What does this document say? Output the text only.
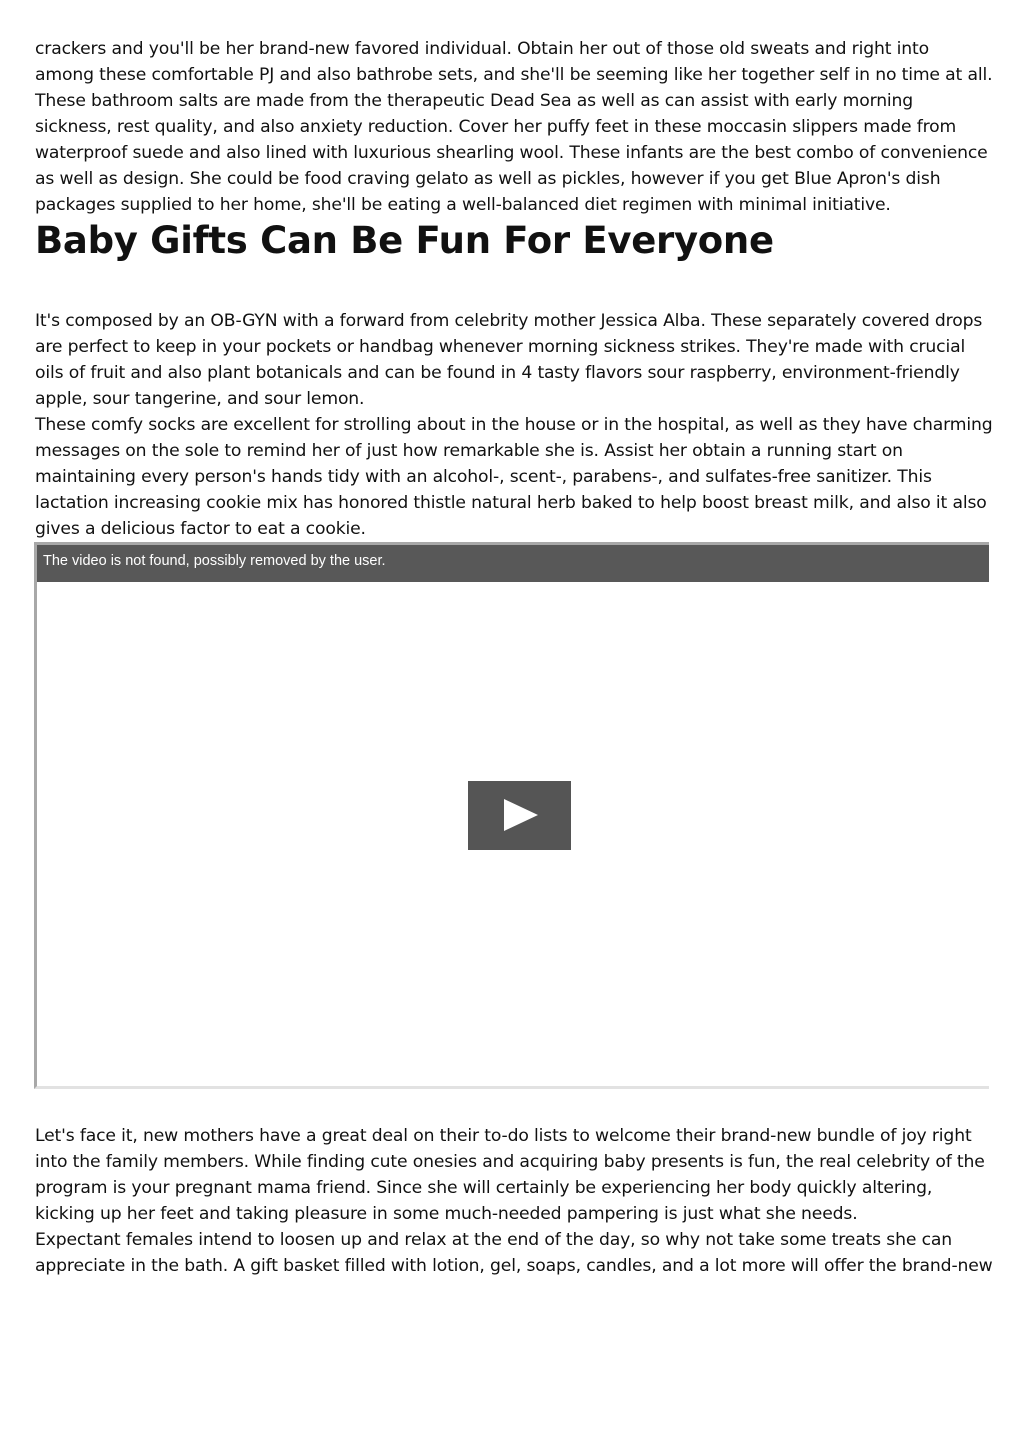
crackers and you'll be her brand-new favored individual. Obtain her out of those old sweats and right into among these comfortable PJ and also bathrobe sets, and she'll be seeming like her together self in no time at all.

These bathroom salts are made from the therapeutic Dead Sea as well as can assist with early morning sickness, rest quality, and also anxiety reduction. Cover her puffy feet in these moccasin slippers made from waterproof suede and also lined with luxurious shearling wool. These infants are the best combo of convenience as well as design. She could be food craving gelato as well as pickles, however if you get Blue Apron's dish packages supplied to her home, she'll be eating a well-balanced diet regimen with minimal initiative.

Baby Gifts Can Be Fun For Everyone

It's composed by an OB-GYN with a forward from celebrity mother Jessica Alba. These separately covered drops are perfect to keep in your pockets or handbag whenever morning sickness strikes. They're made with crucial oils of fruit and also plant botanicals and can be found in 4 tasty flavors sour raspberry, environment-friendly apple, sour tangerine, and sour lemon.

These comfy socks are excellent for strolling about in the house or in the hospital, as well as they have charming messages on the sole to remind her of just how remarkable she is. Assist her obtain a running start on maintaining every person's hands tidy with an alcohol-, scent-, parabens-, and sulfates-free sanitizer. This lactation increasing cookie mix has honored thistle natural herb baked to help boost breast milk, and also it also gives a delicious factor to eat a cookie.

The video is not found, possibly removed by the user.

Let's face it, new mothers have a great deal on their to-do lists to welcome their brand-new bundle of joy right into the family members. While finding cute onesies and acquiring baby presents is fun, the real celebrity of the program is your pregnant mama friend. Since she will certainly be experiencing her body quickly altering, kicking up her feet and taking pleasure in some much-needed pampering is just what she needs.

Expectant females intend to loosen up and relax at the end of the day, so why not take some treats she can appreciate in the bath. A gift basket filled with lotion, gel, soaps, candles, and a lot more will offer the brand-new
